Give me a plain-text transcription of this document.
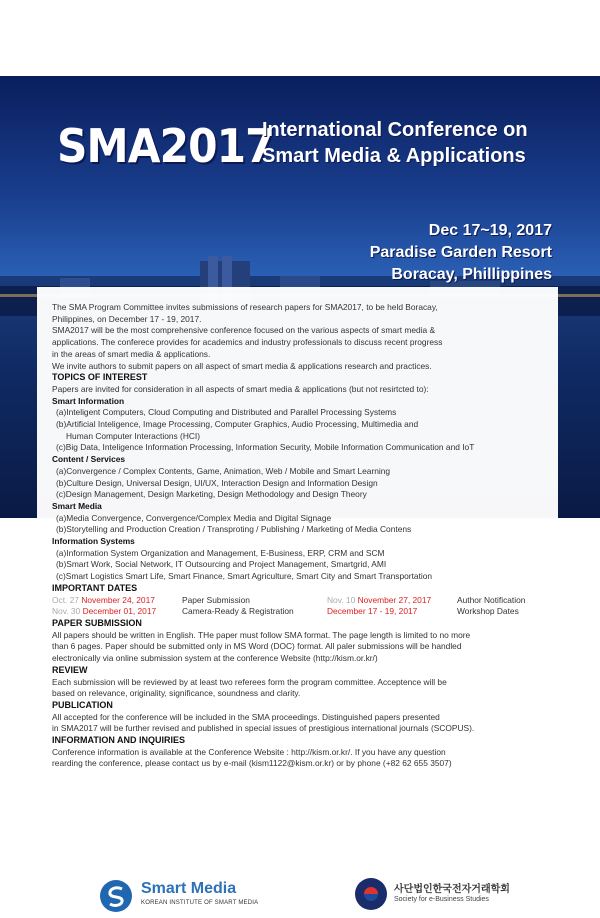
SMA2017
International Conference on
Smart Media & Applications
Dec 17~19, 2017
Paradise Garden Resort
Boracay, Phillippines

The SMA Program Committee invites submissions of research papers for SMA2017, to be held Boracay,

Philippines, on December 17 - 19, 2017.

SMA2017 will be the most comprehensive conference focused on the various aspects of smart media &

applications. The conferece provides for academics and industry professionals to discuss recent progress

in the areas of smart media & applications.

We invite authors to submit papers on all aspect of smart media & applications research and practices.

TOPICS OF INTEREST

Papers are invited for consideration in all aspects of smart media & applications (but not resirtcted to):

Smart Information

(a)Inteligent Computers, Cloud Computing and Distributed and Parallel Processing Systems

(b)Artificial Inteligence, Image Processing, Computer Graphics, Audio Processing, Multimedia and

Human Computer Interactions (HCI)

(c)Big Data, Inteligence Information Processing, Information Security, Mobile Information Communication and IoT

Content / Services

(a)Convergence / Complex Contents, Game, Animation, Web / Mobile and Smart Learning

(b)Culture Design, Universal Design, UI/UX, Interaction Design and Information Design

(c)Design Management, Design Marketing, Design Methodology and Design Theory

Smart Media

(a)Media Convergence, Convergence/Complex Media and Digital Signage

(b)Storytelling and Production Creation / Transproting / Publishing / Marketing of Media Contens

Information Systems

(a)Information System Organization and Management, E-Business, ERP, CRM and SCM

(b)Smart Work, Social Network, IT Outsourcing and Project Management, Smartgrid, AMI

(c)Smart Logistics Smart Life, Smart Finance, Smart Agriculture, Smart City and Smart Transportation

IMPORTANT DATES

Oct. 27 November 24, 2017	Paper Submission	Nov. 10 November 27, 2017	Author Notification
Nov. 30 December 01, 2017	Camera-Ready & Registration	December 17 - 19, 2017	Workshop Dates

PAPER SUBMISSION

All papers should be written in English. THe paper must follow SMA format. The page length is limited to no more

than 6 pages. Paper should be submitted only in MS Word (DOC) format. All paler submissions will be handled

electronically via online submission system at the conference Website (http://kism.or.kr/)

REVIEW

Each submission will be reviewed by at least two referees form the program committee. Acceptence will be

based on relevance, originality, significance, soundness and clarity.

PUBLICATION

All accepted for the conference will be included in the SMA proceedings. Distinguished papers presented

in SMA2017 will be further revised and published in special issues of prestigious international journals (SCOPUS).

INFORMATION AND INQUIRIES

Conference information is available at the Conference Website : http://kism.or.kr/. If you have any question

rearding the conference, please contact us by e-mail (kism1122@kism.or.kr) or by phone (+82 62 655 3507)

Smart Media
KOREAN INSTITUTE OF SMART MEDIA
사단법인한국전자거래학회
Society for e-Business Studies
